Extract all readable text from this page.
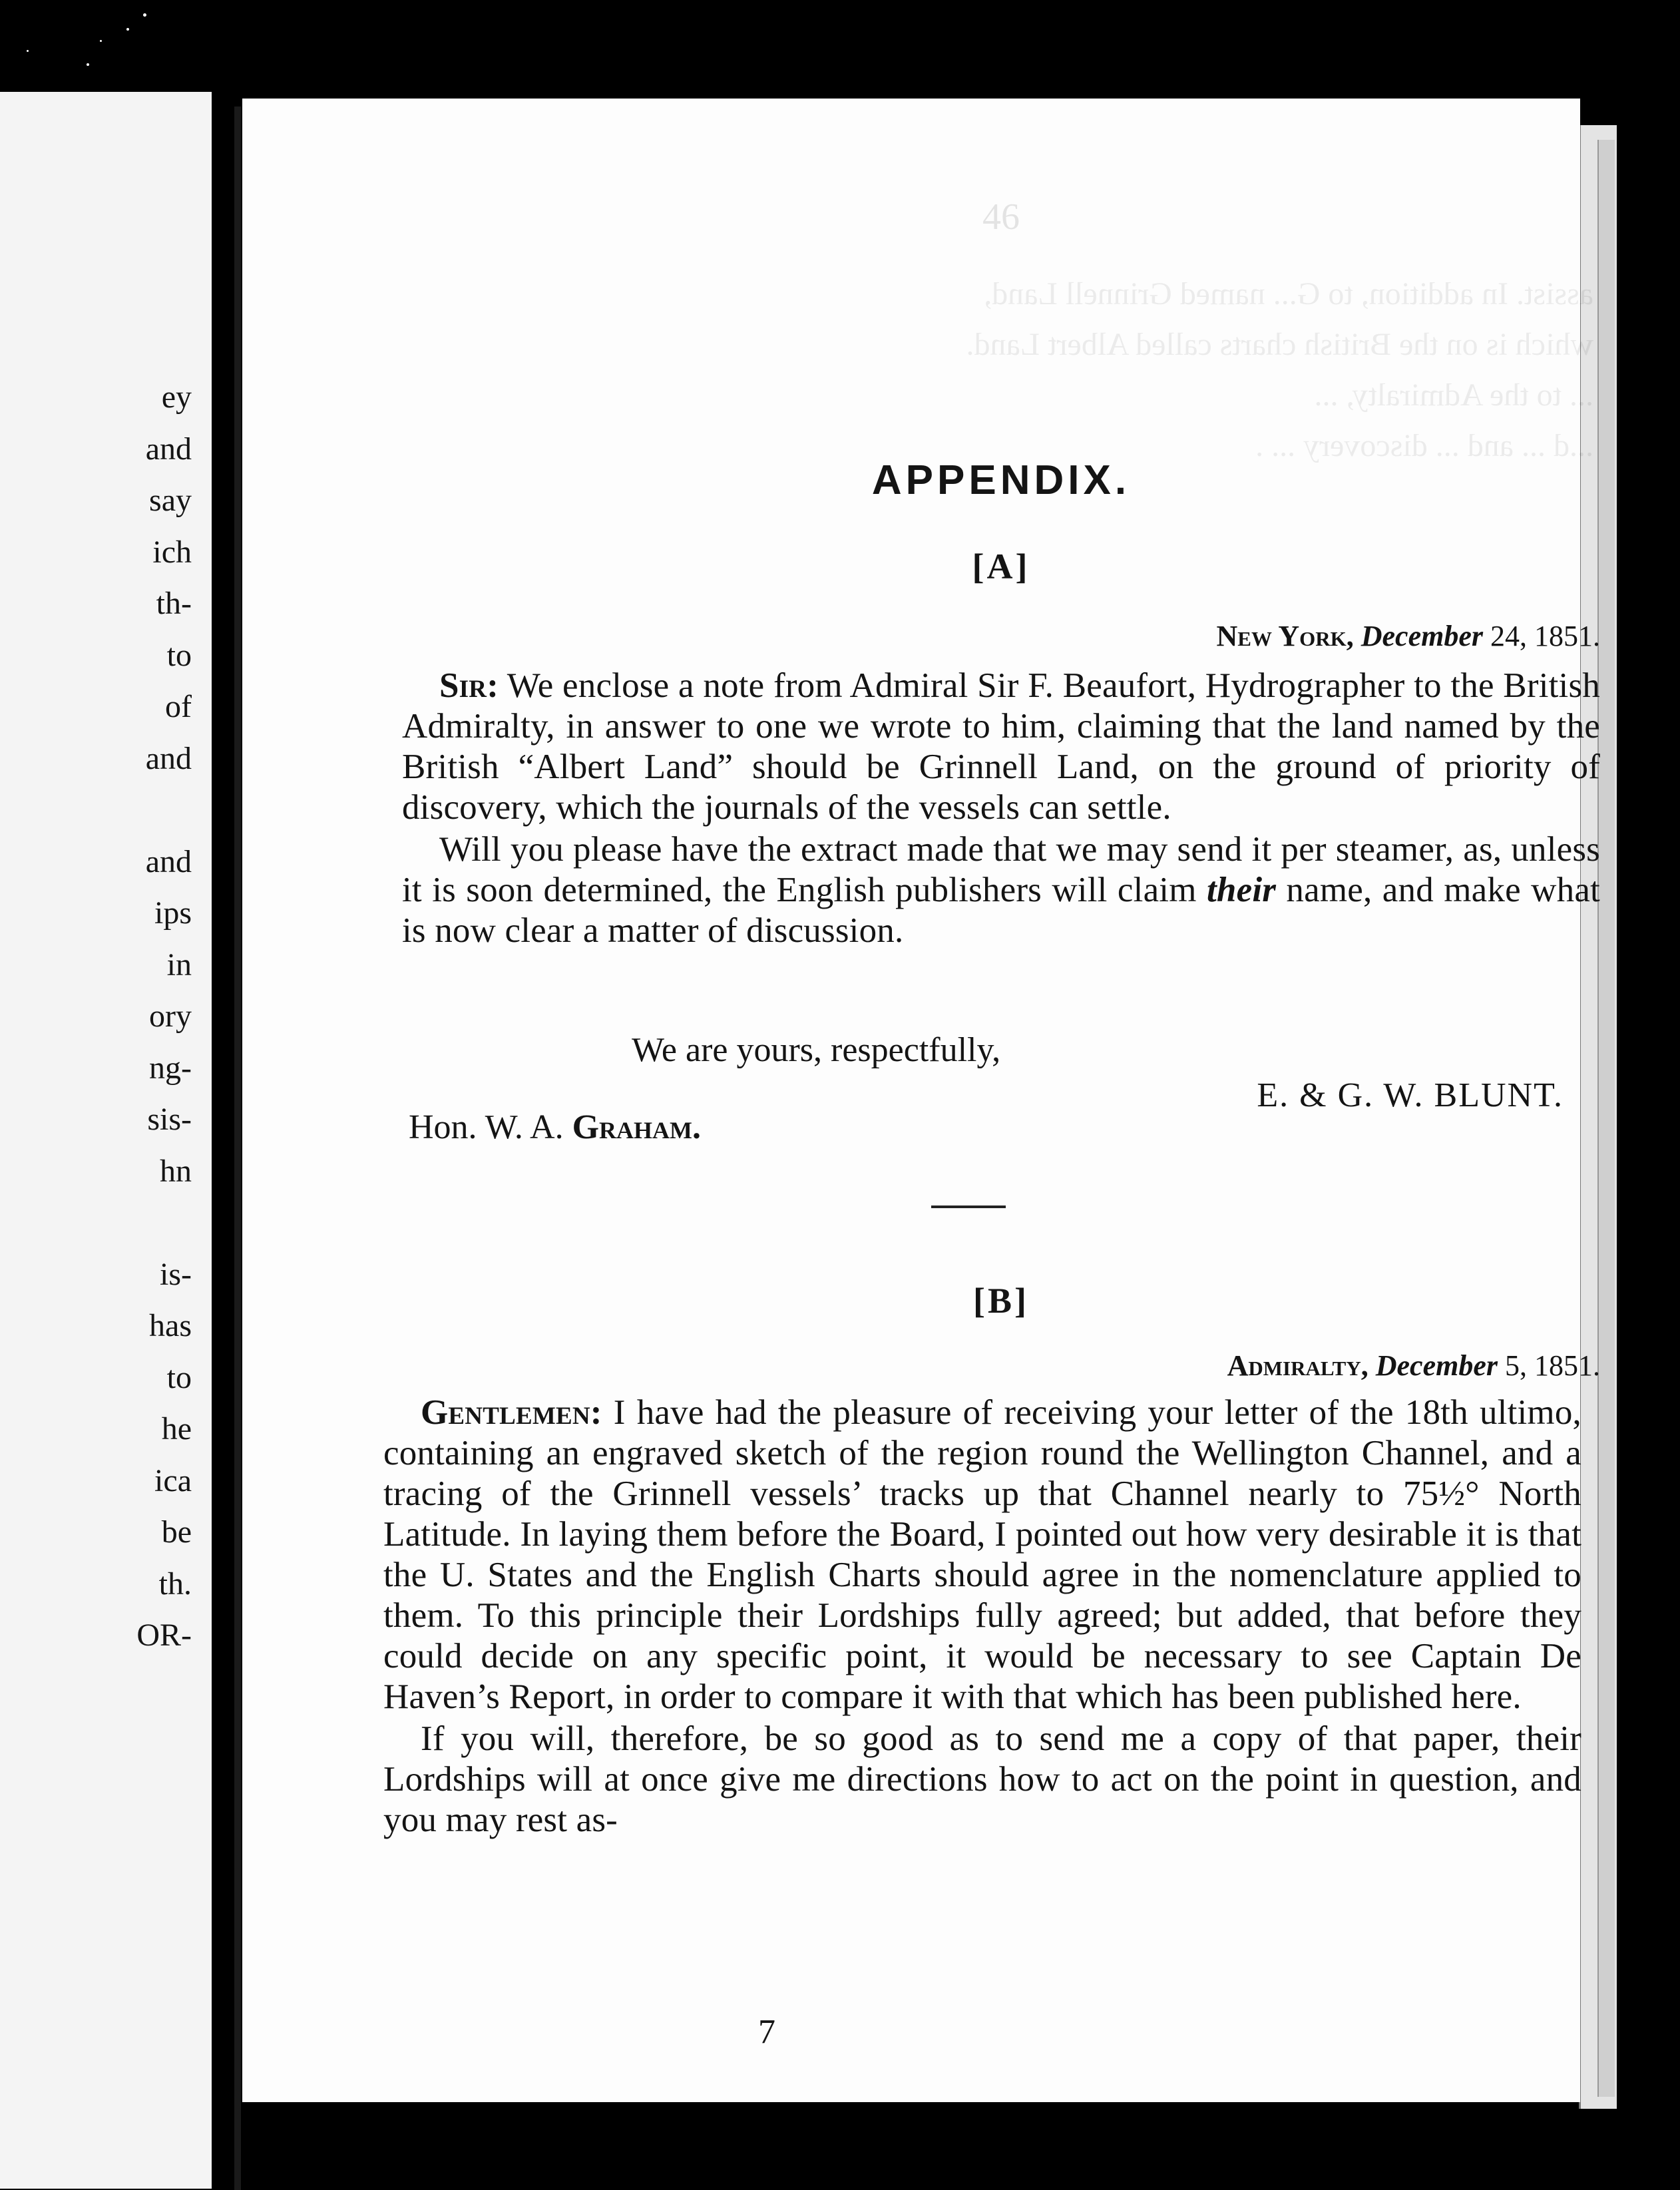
ey
and
say
ich
th-
to
of
and
and
ips
in
ory
ng-
sis-
hn
is-
has
to
he
ica
be
th.
OR-
46
assist. In addition, to G... named Grinnell Land,
which is on the British charts called Albert Land.
... to the Admiralty, ...
...d ... and ... discovery ... .
APPENDIX.
[A]
New York, December 24, 1851.

Sir: We enclose a note from Admiral Sir F. Beaufort, Hydrographer to the British Admiralty, in answer to one we wrote to him, claiming that the land named by the British “Albert Land” should be Grinnell Land, on the ground of priority of discovery, which the journals of the vessels can settle.

Will you please have the extract made that we may send it per steamer, as, unless it is soon determined, the English publishers will claim their name, and make what is now clear a matter of discussion.

We are yours, respectfully,
E. & G. W. BLUNT.
Hon. W. A. Graham.
[B]
Admiralty, December 5, 1851.

Gentlemen: I have had the pleasure of receiving your letter of the 18th ultimo, containing an engraved sketch of the region round the Wellington Channel, and a tracing of the Grinnell vessels’ tracks up that Channel nearly to 75½° North Latitude. In laying them before the Board, I pointed out how very desirable it is that the U. States and the English Charts should agree in the nomenclature applied to them. To this principle their Lordships fully agreed; but added, that before they could decide on any specific point, it would be necessary to see Captain De Haven’s Report, in order to compare it with that which has been published here.

If you will, therefore, be so good as to send me a copy of that paper, their Lordships will at once give me directions how to act on the point in question, and you may rest as-

7
